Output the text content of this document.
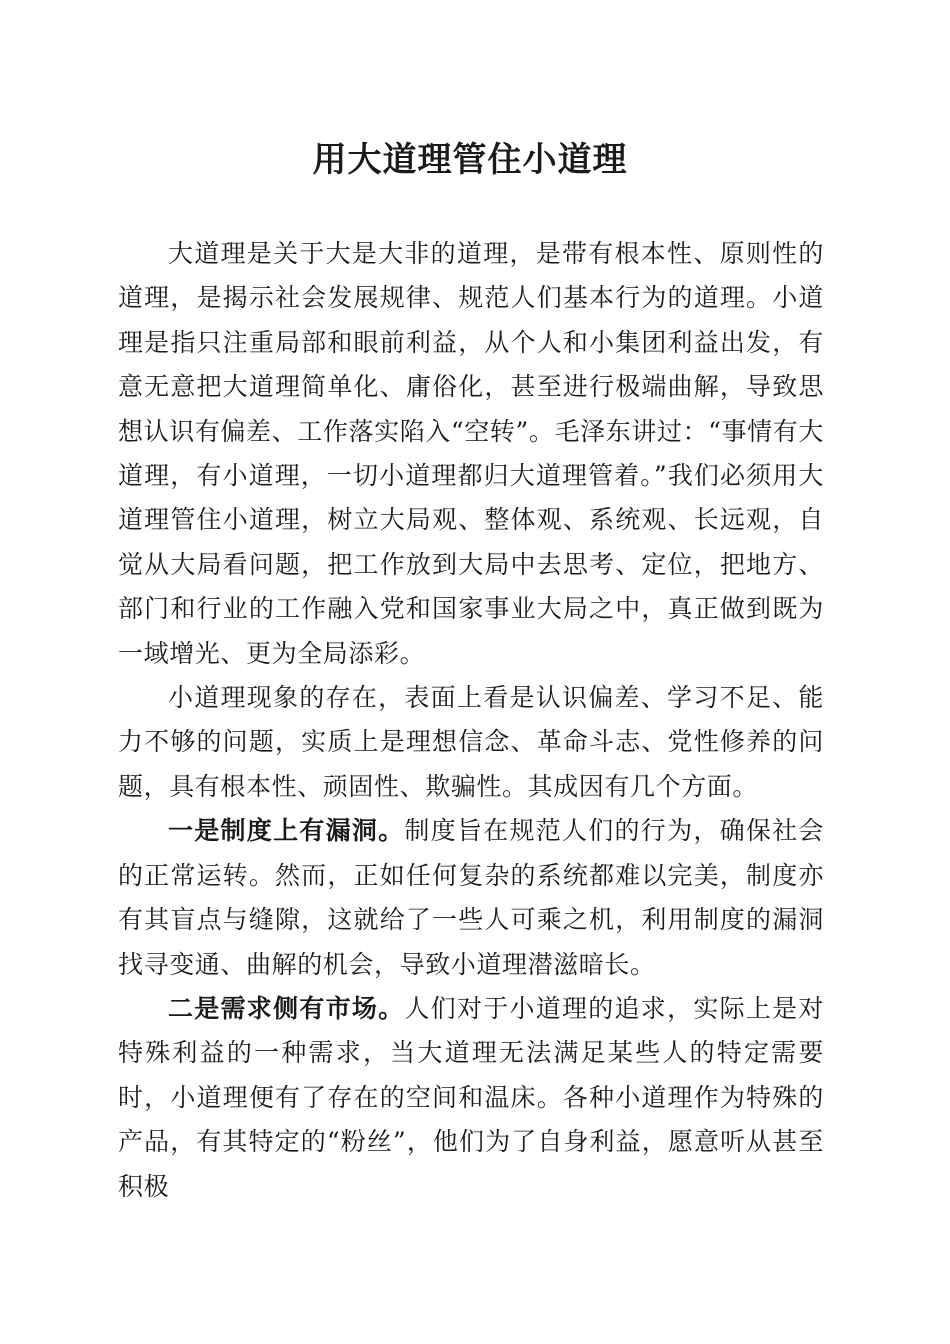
用大道理管住小道理

大道理是关于大是大非的道理，是带有根本性、原则性的道理，是揭示社会发展规律、规范人们基本行为的道理。小道理是指只注重局部和眼前利益，从个人和小集团利益出发，有意无意把大道理简单化、庸俗化，甚至进行极端曲解，导致思想认识有偏差、工作落实陷入“空转”。毛泽东讲过：“事情有大道理，有小道理，一切小道理都归大道理管着。”我们必须用大道理管住小道理，树立大局观、整体观、系统观、长远观，自觉从大局看问题，把工作放到大局中去思考、定位，把地方、部门和行业的工作融入党和国家事业大局之中，真正做到既为一域增光、更为全局添彩。

小道理现象的存在，表面上看是认识偏差、学习不足、能力不够的问题，实质上是理想信念、革命斗志、党性修养的问题，具有根本性、顽固性、欺骗性。其成因有几个方面。

一是制度上有漏洞。制度旨在规范人们的行为，确保社会的正常运转。然而，正如任何复杂的系统都难以完美，制度亦有其盲点与缝隙，这就给了一些人可乘之机，利用制度的漏洞找寻变通、曲解的机会，导致小道理潜滋暗长。

二是需求侧有市场。人们对于小道理的追求，实际上是对特殊利益的一种需求，当大道理无法满足某些人的特定需要时，小道理便有了存在的空间和温床。各种小道理作为特殊的产品，有其特定的“粉丝”，他们为了自身利益，愿意听从甚至积极
